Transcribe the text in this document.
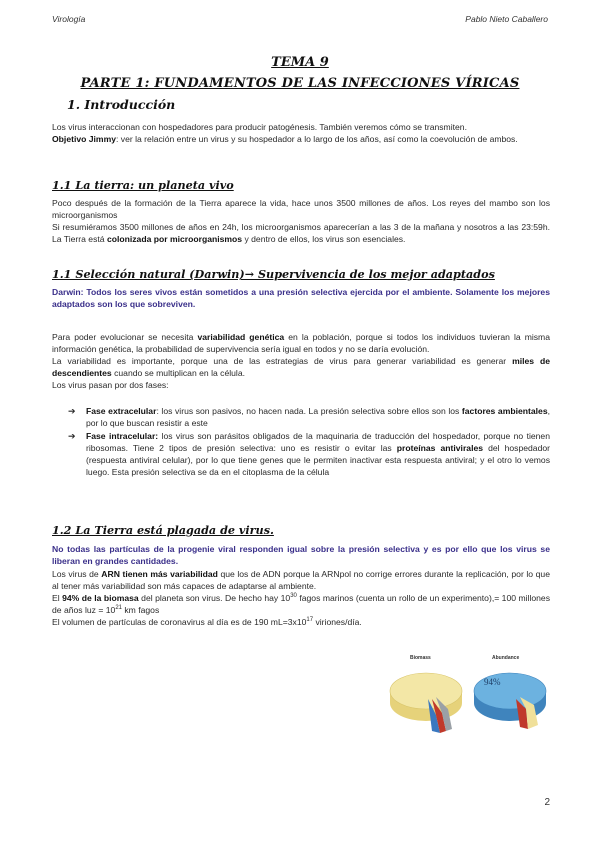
Virología	Pablo Nieto Caballero
TEMA 9
PARTE 1: FUNDAMENTOS DE LAS INFECCIONES VÍRICAS
1. Introducción
Los virus interaccionan con hospedadores para producir patogénesis. También veremos cómo se transmiten.
Objetivo Jimmy: ver la relación entre un virus y su hospedador a lo largo de los años, así como la coevolución de ambos.
1.1 La tierra: un planeta vivo
Poco después de la formación de la Tierra aparece la vida, hace unos 3500 millones de años. Los reyes del mambo son los microorganismos
Si resumiéramos 3500 millones de años en 24h, los microorganismos aparecerían a las 3 de la mañana y nosotros a las 23:59h. La Tierra está colonizada por microorganismos y dentro de ellos, los virus son esenciales.
1.1 Selección natural (Darwin)→ Supervivencia de los mejor adaptados
Darwin: Todos los seres vivos están sometidos a una presión selectiva ejercida por el ambiente. Solamente los mejores adaptados son los que sobreviven.
Para poder evolucionar se necesita variabilidad genética en la población, porque si todos los individuos tuvieran la misma información genética, la probabilidad de supervivencia sería igual en todos y no se daría evolución.
La variabilidad es importante, porque una de las estrategias de virus para generar variabilidad es generar miles de descendientes cuando se multiplican en la célula.
Los virus pasan por dos fases:
➔ Fase extracelular: los virus son pasivos, no hacen nada. La presión selectiva sobre ellos son los factores ambientales, por lo que buscan resistir a este
➔ Fase intracelular: los virus son parásitos obligados de la maquinaria de traducción del hospedador, porque no tienen ribosomas. Tiene 2 tipos de presión selectiva: uno es resistir o evitar las proteínas antivirales del hospedador (respuesta antiviral celular), por lo que tiene genes que le permiten inactivar esta respuesta antiviral; y el otro lo vemos luego. Esta presión selectiva se da en el citoplasma de la célula
1.2 La Tierra está plagada de virus.
No todas las partículas de la progenie viral responden igual sobre la presión selectiva y es por ello que los virus se liberan en grandes cantidades.
Los virus de ARN tienen más variabilidad que los de ADN porque la ARNpol no corrige errores durante la replicación, por lo que al tener más variabilidad son más capaces de adaptarse al ambiente.
El 94% de la biomasa del planeta son virus. De hecho hay $10^{30}$ fagos marinos (cuenta un rollo de un experimento),= 100 millones de años luz = $10^{21}$ km fagos
El volumen de partículas de coronavirus al día es de 190 $mL=3x10^{17}$ viriones/día.
Biomass	Abundance
94%
2
